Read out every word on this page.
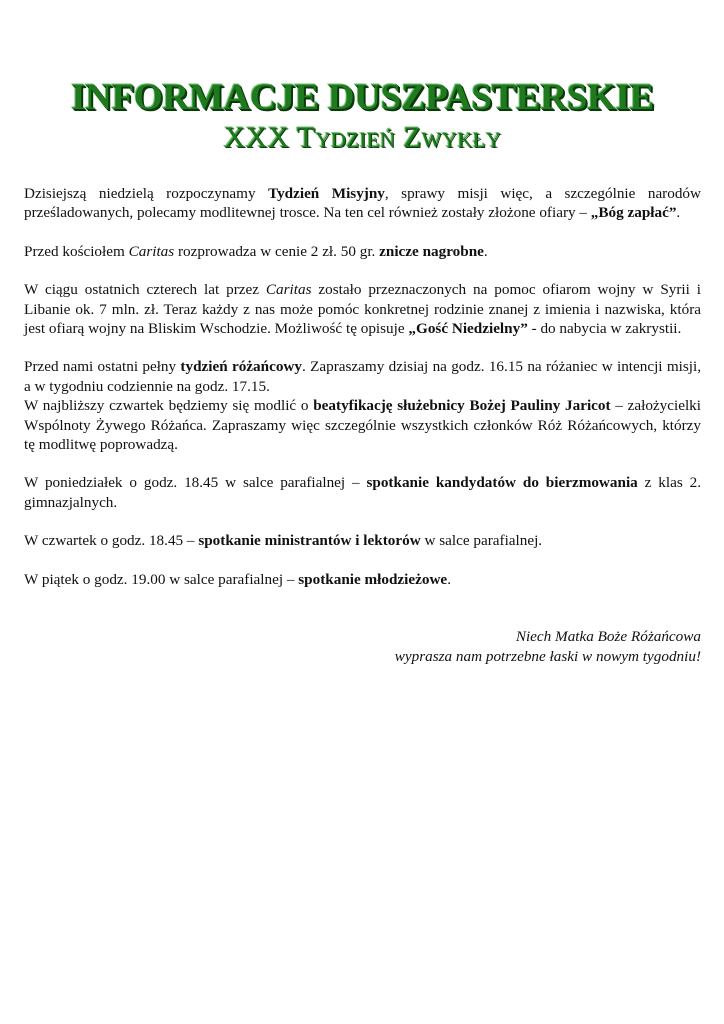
INFORMACJE DUSZPASTERSKIE
XXX Tydzień Zwykły

Dzisiejszą niedzielą rozpoczynamy Tydzień Misyjny, sprawy misji więc, a szczególnie narodów prześladowanych, polecamy modlitewnej trosce. Na ten cel również zostały złożone ofiary – „Bóg zapłać”.

Przed kościołem Caritas rozprowadza w cenie 2 zł. 50 gr. znicze nagrobne.

W ciągu ostatnich czterech lat przez Caritas zostało przeznaczonych na pomoc ofiarom wojny w Syrii i Libanie ok. 7 mln. zł. Teraz każdy z nas może pomóc konkretnej rodzinie znanej z imienia i nazwiska, która jest ofiarą wojny na Bliskim Wschodzie. Możliwość tę opisuje „Gość Niedzielny” - do nabycia w zakrystii.

Przed nami ostatni pełny tydzień różańcowy. Zapraszamy dzisiaj na godz. 16.15 na różaniec w intencji misji, a w tygodniu codziennie na godz. 17.15.

W najbliższy czwartek będziemy się modlić o beatyfikację służebnicy Bożej Pauliny Jaricot – założycielki Wspólnoty Żywego Różańca. Zapraszamy więc szczególnie wszystkich członków Róż Różańcowych, którzy tę modlitwę poprowadzą.

W poniedziałek o godz. 18.45 w salce parafialnej – spotkanie kandydatów do bierzmowania z klas 2. gimnazjalnych.

W czwartek o godz. 18.45 – spotkanie ministrantów i lektorów w salce parafialnej.

W piątek o godz. 19.00 w salce parafialnej – spotkanie młodzieżowe.

Niech Matka Boże Różańcowa
wyprasza nam potrzebne łaski w nowym tygodniu!
